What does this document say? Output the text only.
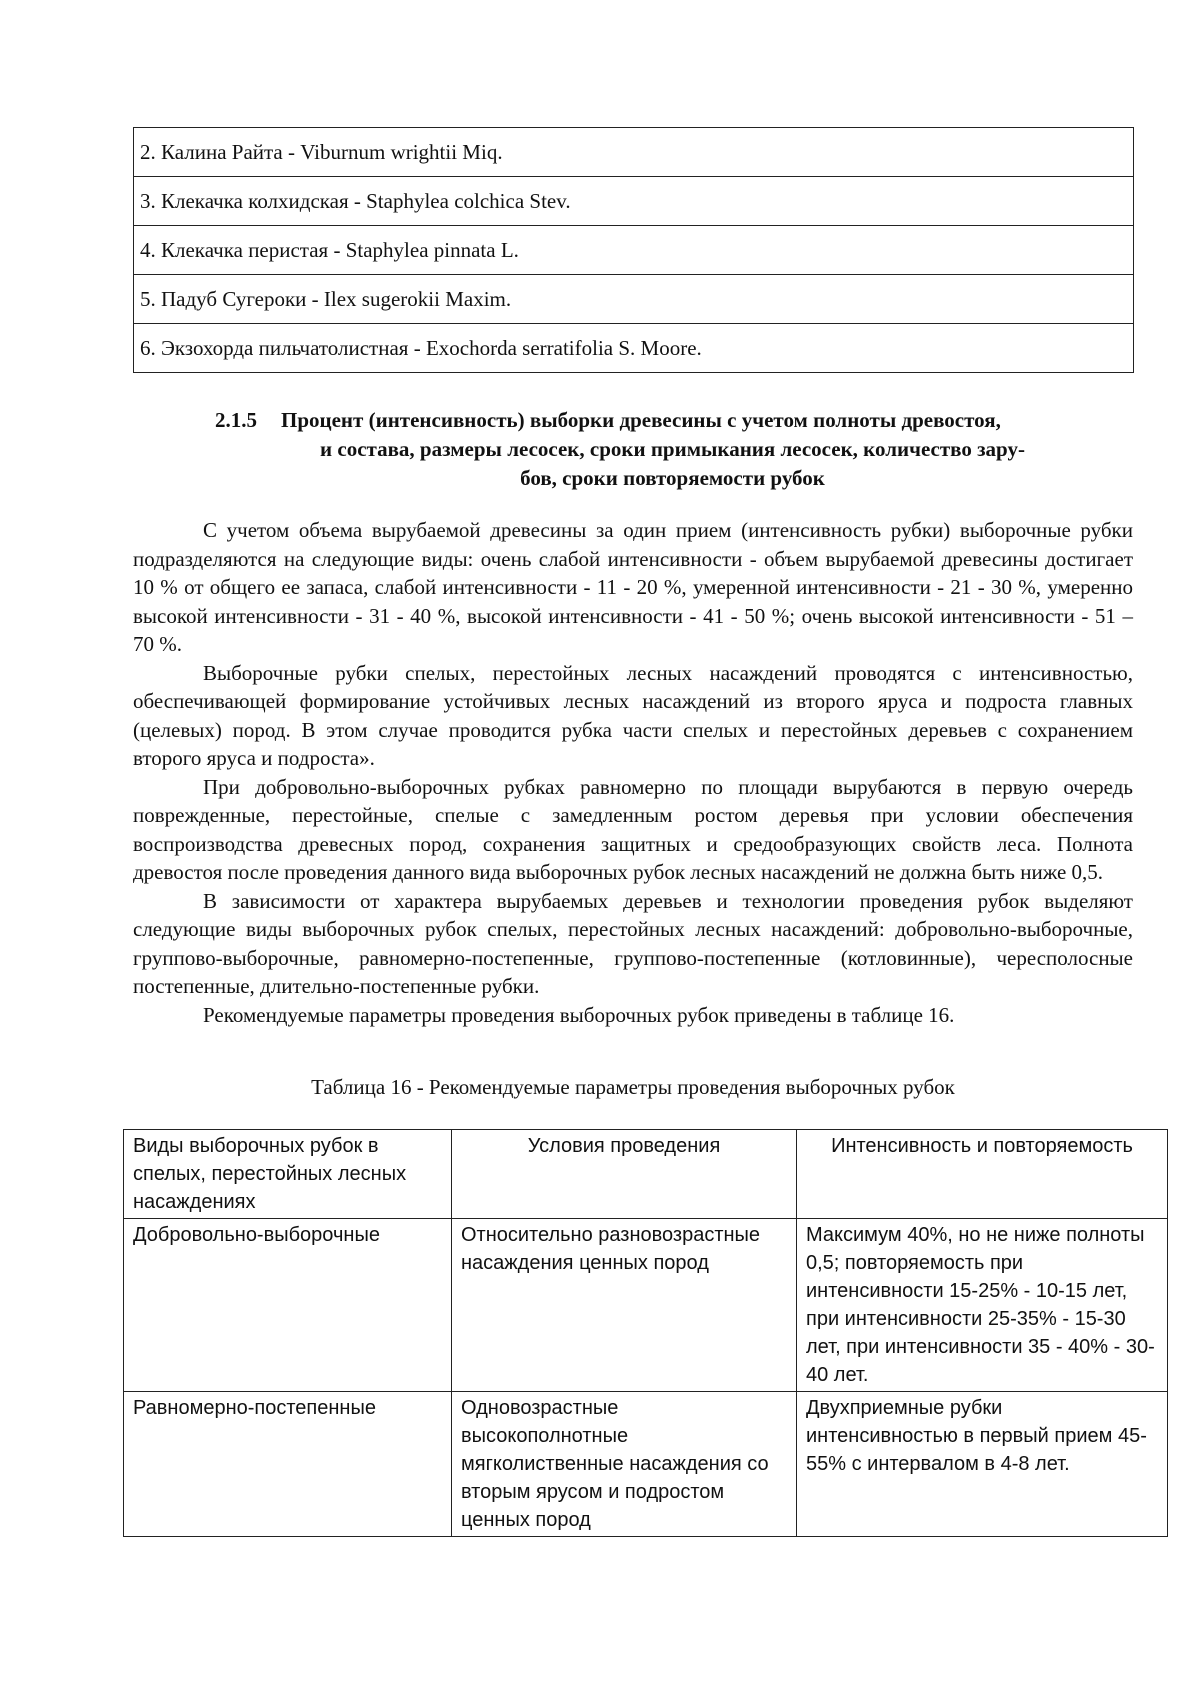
2. Калина Райта - Viburnum wrightii Miq.
3. Клекачка колхидская - Staphylea colchica Stev.
4. Клекачка перистая - Staphylea pinnata L.
5. Падуб Сугероки - Ilex sugerokii Maxim.
6. Экзохорда пильчатолистная - Exochorda serratifolia S. Moore.
2.1.5 Процент (интенсивность) выборки древесины с учетом полноты древостоя,
и состава, размеры лесосек, сроки примыкания лесосек, количество зару-
бов, сроки повторяемости рубок

С учетом объема вырубаемой древесины за один прием (интенсивность рубки) выборочные рубки подразделяются на следующие виды: очень слабой интенсивности - объем вырубаемой древесины достигает 10 % от общего ее запаса, слабой интенсивности - 11 - 20 %, умеренной интенсивности - 21 - 30 %, умеренно высокой интенсивности - 31 - 40 %, высокой интенсивности - 41 - 50 %; очень высокой интенсивности - 51 – 70 %.

Выборочные рубки спелых, перестойных лесных насаждений проводятся с интенсивностью, обеспечивающей формирование устойчивых лесных насаждений из второго яруса и подроста главных (целевых) пород. В этом случае проводится рубка части спелых и перестойных деревьев с сохранением второго яруса и подроста».

При добровольно-выборочных рубках равномерно по площади вырубаются в первую очередь поврежденные, перестойные, спелые с замедленным ростом деревья при условии обеспечения воспроизводства древесных пород, сохранения защитных и средообразующих свойств леса. Полнота древостоя после проведения данного вида выборочных рубок лесных насаждений не должна быть ниже 0,5.

В зависимости от характера вырубаемых деревьев и технологии проведения рубок выделяют следующие виды выборочных рубок спелых, перестойных лесных насаждений: добровольно-выборочные, группово-выборочные, равномерно-постепенные, группово-постепенные (котловинные), чересполосные постепенные, длительно-постепенные рубки.

Рекомендуемые параметры проведения выборочных рубок приведены в таблице 16.

Таблица 16 - Рекомендуемые параметры проведения выборочных рубок
Виды выборочных рубок в спелых, перестойных лесных насаждениях	Условия проведения	Интенсивность и повторяемость
Добровольно-выборочные	Относительно разновозрастные насаждения ценных пород	Максимум 40%, но не ниже полноты 0,5; повторяемость при интенсивности 15-25% - 10-15 лет, при интенсивности 25-35% - 15-30 лет, при интенсивности 35 - 40% - 30-40 лет.
Равномерно-постепенные	Одновозрастные высокополнотные мягколиственные насаждения со вторым ярусом и подростом ценных пород	Двухприемные рубки интенсивностью в первый прием 45-55% с интервалом в 4-8 лет.
